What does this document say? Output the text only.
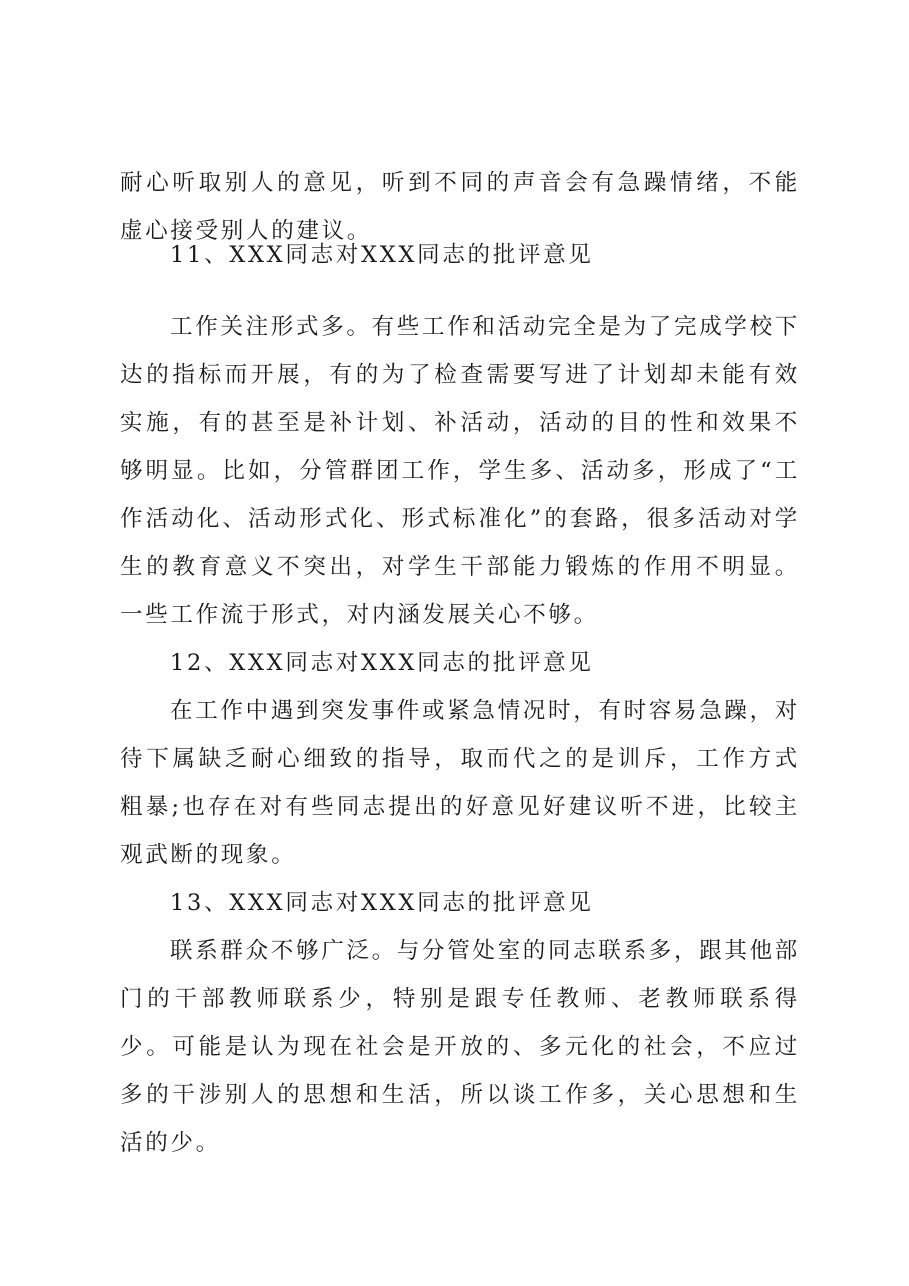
耐心听取别人的意见，听到不同的声音会有急躁情绪，不能虚心接受别人的建议。

11、XXX同志对XXX同志的批评意见

工作关注形式多。有些工作和活动完全是为了完成学校下达的指标而开展，有的为了检查需要写进了计划却未能有效实施，有的甚至是补计划、补活动，活动的目的性和效果不够明显。比如，分管群团工作，学生多、活动多，形成了“工作活动化、活动形式化、形式标准化”的套路，很多活动对学生的教育意义不突出，对学生干部能力锻炼的作用不明显。一些工作流于形式，对内涵发展关心不够。

12、XXX同志对XXX同志的批评意见

在工作中遇到突发事件或紧急情况时，有时容易急躁，对待下属缺乏耐心细致的指导，取而代之的是训斥，工作方式粗暴;也存在对有些同志提出的好意见好建议听不进，比较主观武断的现象。

13、XXX同志对XXX同志的批评意见

联系群众不够广泛。与分管处室的同志联系多，跟其他部门的干部教师联系少，特别是跟专任教师、老教师联系得少。可能是认为现在社会是开放的、多元化的社会，不应过多的干涉别人的思想和生活，所以谈工作多，关心思想和生活的少。
